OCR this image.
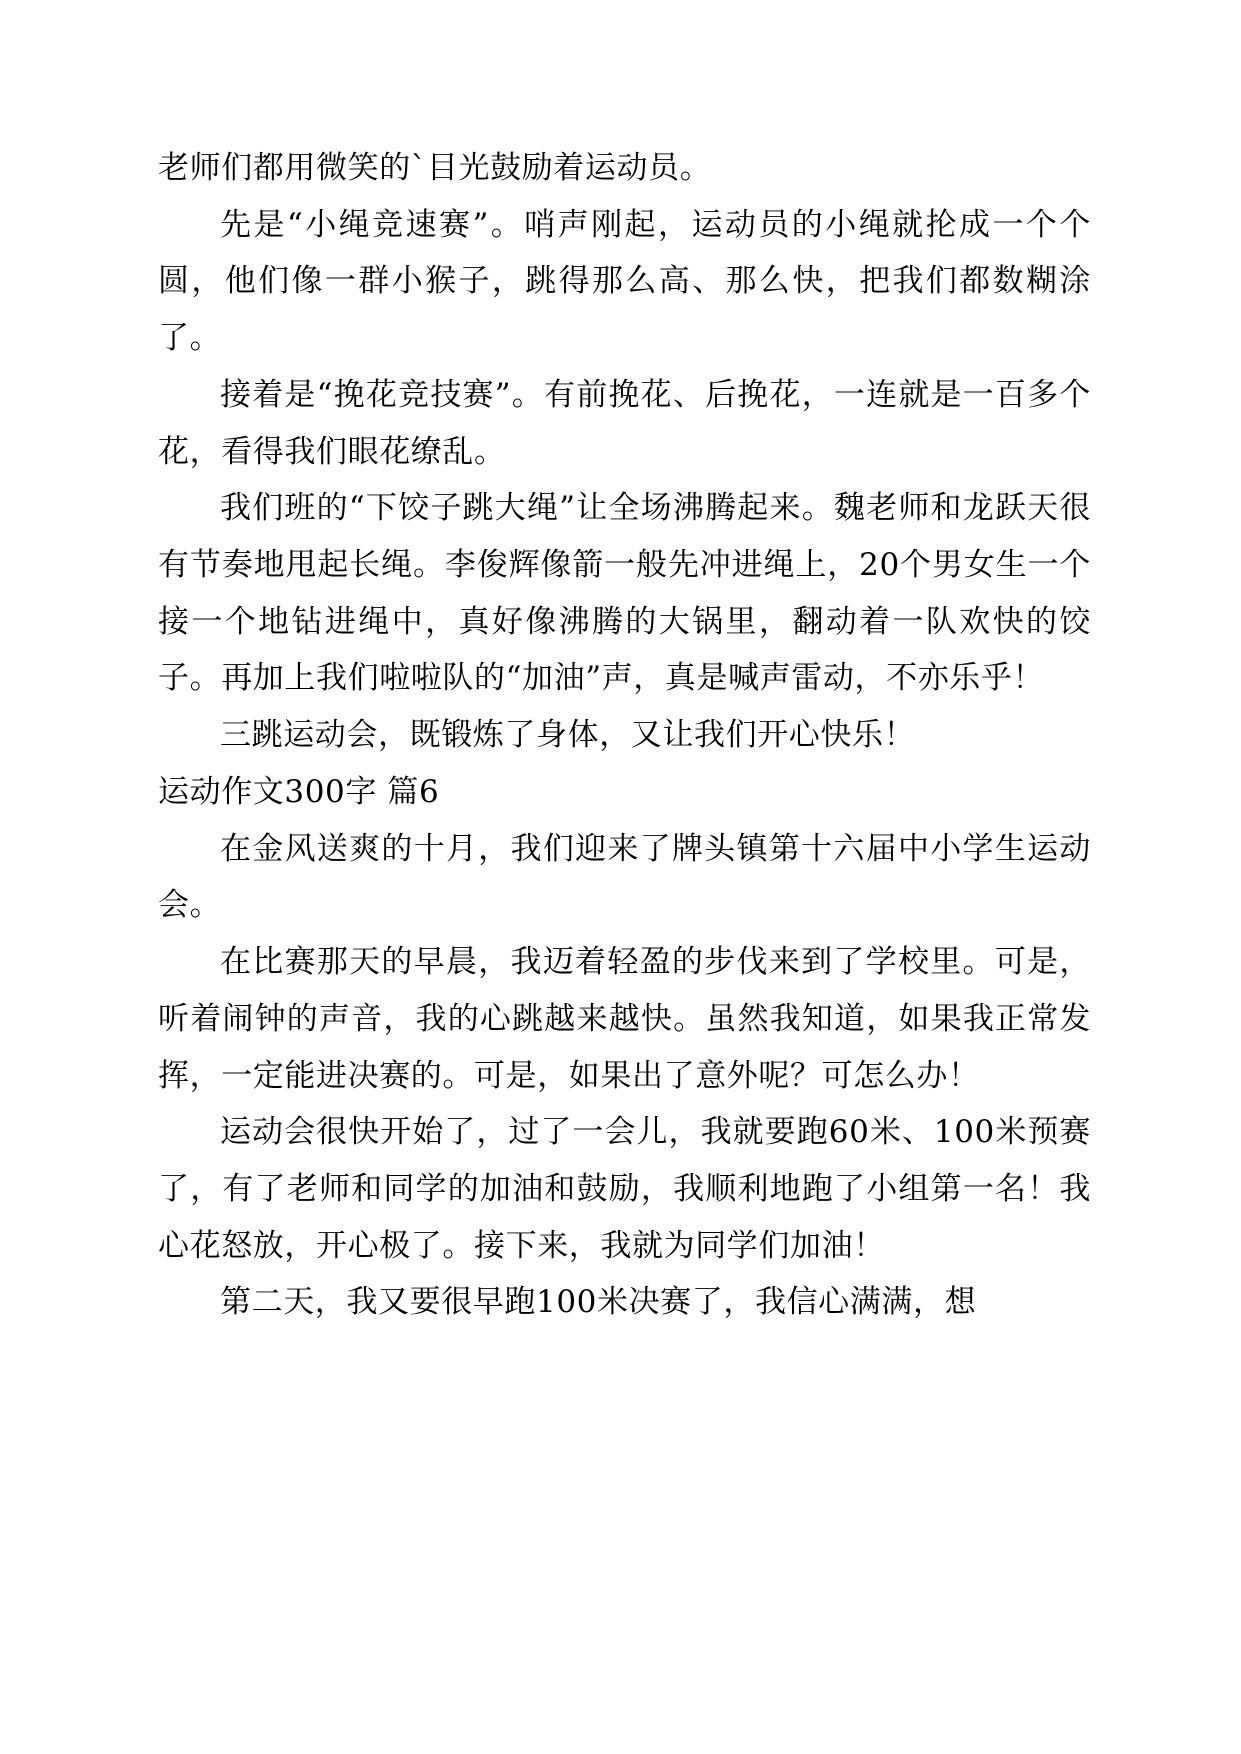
老师们都用微笑的`目光鼓励着运动员。

先是“小绳竞速赛”。哨声刚起，运动员的小绳就抡成一个个圆，他们像一群小猴子，跳得那么高、那么快，把我们都数糊涂了。

接着是“挽花竞技赛”。有前挽花、后挽花，一连就是一百多个花，看得我们眼花缭乱。

我们班的“下饺子跳大绳”让全场沸腾起来。魏老师和龙跃天很有节奏地甩起长绳。李俊辉像箭一般先冲进绳上，20个男女生一个接一个地钻进绳中，真好像沸腾的大锅里，翻动着一队欢快的饺子。再加上我们啦啦队的“加油”声，真是喊声雷动，不亦乐乎！

三跳运动会，既锻炼了身体，又让我们开心快乐！

运动作文300字 篇6

在金风送爽的十月，我们迎来了牌头镇第十六届中小学生运动会。

在比赛那天的早晨，我迈着轻盈的步伐来到了学校里。可是，听着闹钟的声音，我的心跳越来越快。虽然我知道，如果我正常发挥，一定能进决赛的。可是，如果出了意外呢？可怎么办！

运动会很快开始了，过了一会儿，我就要跑60米、100米预赛了，有了老师和同学的加油和鼓励，我顺利地跑了小组第一名！我心花怒放，开心极了。接下来，我就为同学们加油！

第二天，我又要很早跑100米决赛了，我信心满满，想
